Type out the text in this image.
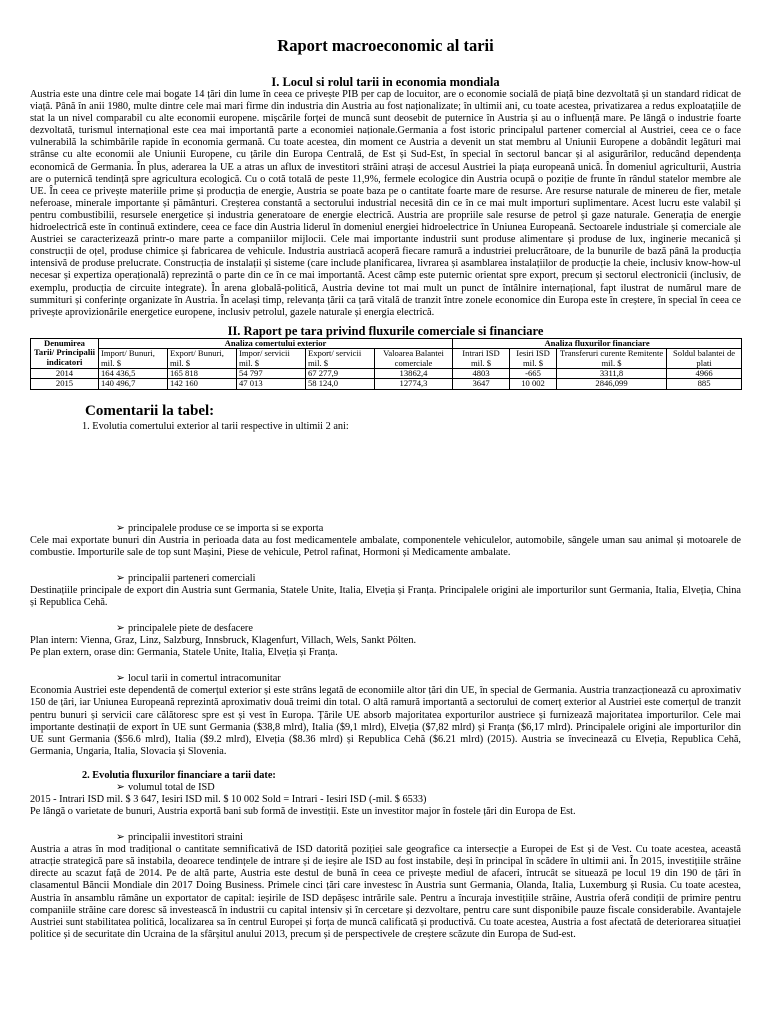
Raport macroeconomic al tarii
I. Locul si rolul tarii in economia mondiala

Austria este una dintre cele mai bogate 14 țări din lume în ceea ce privește PIB per cap de locuitor, are o economie socială de piață bine dezvoltată și un standard ridicat de viață. Până în anii 1980, multe dintre cele mai mari firme din industria din Austria au fost naționalizate; în ultimii ani, cu toate acestea, privatizarea a redus exploatațiile de stat la un nivel comparabil cu alte economii europene. mișcările forței de muncă sunt deosebit de puternice în Austria și au o influență mare. Pe lângă o industrie foarte dezvoltată, turismul internațional este cea mai importantă parte a economiei naționale.Germania a fost istoric principalul partener comercial al Austriei, ceea ce o face vulnerabilă la schimbările rapide în economia germană. Cu toate acestea, din moment ce Austria a devenit un stat membru al Uniunii Europene a dobândit legături mai strânse cu alte economii ale Uniunii Europene, cu țările din Europa Centrală, de Est și Sud-Est, în special în sectorul bancar și al asigurărilor, reducând dependența economică de Germania. În plus, aderarea la UE a atras un aflux de investitori străini atrași de accesul Austriei la piața europeană unică. În domeniul agriculturii, Austria are o puternică tendință spre agricultura ecologică. Cu o cotă totală de peste 11,9%, fermele ecologice din Austria ocupă o poziție de frunte în rândul statelor membre ale UE. În ceea ce privește materiile prime și producția de energie, Austria se poate baza pe o cantitate foarte mare de resurse. Are resurse naturale de minereu de fier, metale neferoase, minerale importante și pământuri. Creșterea constantă a sectorului industrial necesită din ce în ce mai mult importuri suplimentare. Acest lucru este valabil și pentru combustibilii, resursele energetice și industria generatoare de energie electrică. Austria are propriile sale resurse de petrol și gaze naturale. Generația de energie hidroelectrică este în continuă extindere, ceea ce face din Austria liderul în domeniul energiei hidroelectrice în Uniunea Europeană. Sectoarele industriale și comerciale ale Austriei se caracterizează printr-o mare parte a companiilor mijlocii. Cele mai importante industrii sunt produse alimentare și produse de lux, inginerie mecanică și construcții de oțel, produse chimice și fabricarea de vehicule. Industria austriacă acoperă fiecare ramură a industriei prelucrătoare, de la bunurile de bază până la producția intensivă de produse prelucrate. Construcția de instalații și sisteme (care include planificarea, livrarea și asamblarea instalațiilor de producție la cheie, inclusiv know-how-ul necesar și expertiza operațională) reprezintă o parte din ce în ce mai importantă. Acest câmp este puternic orientat spre export, precum și sectorul electronicii (inclusiv, de exemplu, producția de circuite integrate). În arena globală-politică, Austria devine tot mai mult un punct de întâlnire internațional, fapt ilustrat de numărul mare de summituri și conferințe organizate în Austria. În același timp, relevanța țării ca țară vitală de tranzit între zonele economice din Europa este în creștere, în special în ceea ce privește aprovizionările energetice europene, inclusiv petrolul, gazele naturale și energia electrică.

II. Raport pe tara privind fluxurile comerciale si financiare
Denumirea Tarii/ Principalii indicatori	Analiza comertului exterior					Analiza fluxurilor financiare			
	Import/ Bunuri, mil. $	Export/ Bunuri, mil. $	Impor/ servicii mil. $	Export/ servicii mil. $	Valoarea Balantei comerciale	Intrari ISD mil. $	Iesiri ISD mil. $	Transferuri curente Remitente mil. $	Soldul balantei de plati
2014	164 436,5	165 818	54 797	67 277,9	13862,4	4803	-665	3311,8	4966
2015	140 496,7	142 160	47 013	58 124,0	12774,3	3647	10 002	2846,099	885
Comentarii la tabel:
1. Evolutia comertului exterior al tarii respective in ultimii 2 ani:
➢ principalele produse ce se importa si se exporta

Cele mai exportate bunuri din Austria in perioada data au fost medicamentele ambalate, componentele vehiculelor, automobile, sângele uman sau animal și motoarele de combustie. Importurile sale de top sunt Mașini, Piese de vehicule, Petrol rafinat, Hormoni și Medicamente ambalate.

➢ principalii parteneri comerciali

Destinațiile principale de export din Austria sunt Germania, Statele Unite, Italia, Elveția și Franța. Principalele origini ale importurilor sunt Germania, Italia, Elveția, China și Republica Cehă.

➢ principalele piete de desfacere

Plan intern: Vienna, Graz, Linz, Salzburg, Innsbruck, Klagenfurt, Villach, Wels, Sankt Pölten.

Pe plan extern, orase din: Germania, Statele Unite, Italia, Elveția și Franța.

➢ locul tarii in comertul intracomunitar

Economia Austriei este dependentă de comerțul exterior și este strâns legată de economiile altor țări din UE, în special de Germania. Austria tranzacționează cu aproximativ 150 de țări, iar Uniunea Europeană reprezintă aproximativ două treimi din total. O altă ramură importantă a sectorului de comerț exterior al Austriei este comerțul de tranzit pentru bunuri și servicii care călătoresc spre est și vest în Europa. Țările UE absorb majoritatea exporturilor austriece și furnizează majoritatea importurilor. Cele mai importante destinații de export în UE sunt Germania ($38,8 mlrd), Italia ($9,1 mlrd), Elveția ($7,82 mlrd) și Franța ($6,17 mlrd). Principalele origini ale importurilor din UE sunt Germania ($56.6 mlrd), Italia ($9.2 mlrd), Elveția ($8.36 mlrd) și Republica Cehă ($6.21 mlrd) (2015). Austria se învecinează cu Elveția, Republica Cehă, Germania, Ungaria, Italia, Slovacia și Slovenia.

2. Evolutia fluxurilor financiare a tarii date:
➢ volumul total de ISD

2015 - Intrari ISD mil. $ 3 647, Iesiri ISD mil. $ 10 002 Sold = Intrari - Iesiri ISD (-mil. $ 6533)

Pe lângă o varietate de bunuri, Austria exportă bani sub formă de investiții. Este un investitor major în fostele țări din Europa de Est.

➢ principalii investitori straini

Austria a atras în mod tradițional o cantitate semnificativă de ISD datorită poziției sale geografice ca intersecție a Europei de Est și de Vest. Cu toate acestea, această atracție strategică pare să instabila, deoarece tendințele de intrare și de ieșire ale ISD au fost instabile, deși în principal în scădere în ultimii ani. În 2015, investițiile străine directe au scazut față de 2014. Pe de altă parte, Austria este destul de bună în ceea ce privește mediul de afaceri, întrucât se situează pe locul 19 din 190 de țări în clasamentul Băncii Mondiale din 2017 Doing Business. Primele cinci țări care investesc în Austria sunt Germania, Olanda, Italia, Luxemburg și Rusia. Cu toate acestea, Austria în ansamblu rămâne un exportator de capital: ieșirile de ISD depășesc intrările sale. Pentru a încuraja investițiile străine, Austria oferă condiții de primire pentru companiile străine care doresc să investească în industrii cu capital intensiv și în cercetare și dezvoltare, pentru care sunt disponibile pauze fiscale considerabile. Avantajele Austriei sunt stabilitatea politică, localizarea sa în centrul Europei și forța de muncă calificată și productivă. Cu toate acestea, Austria a fost afectată de deteriorarea situației politice și de securitate din Ucraina de la sfârșitul anului 2013, precum și de perspectivele de creștere scăzute din Europa de Sud-est.
